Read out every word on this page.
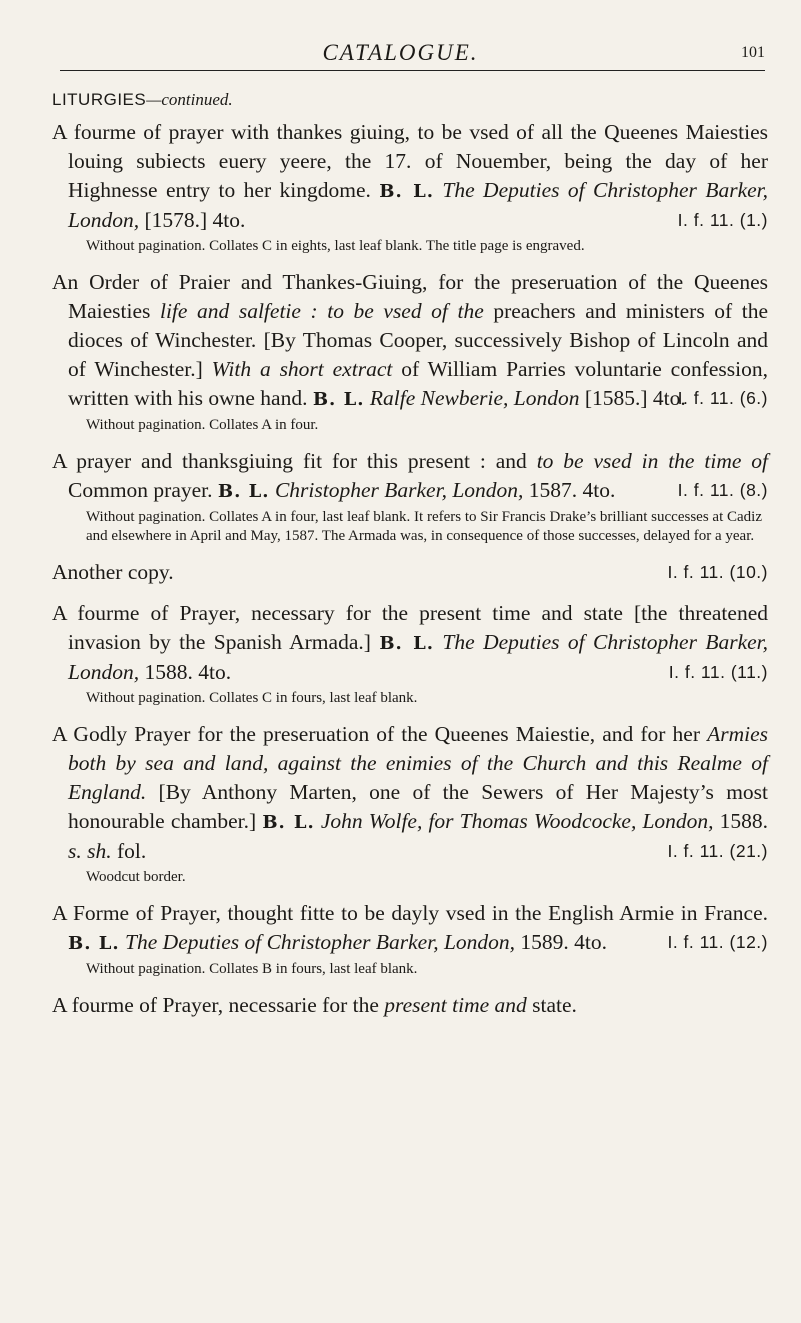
CATALOGUE.	101
LITURGIES—continued.
A fourme of prayer with thankes giuing, to be vsed of all the Queenes Maiesties louing subiects euery yeere, the 17. of Nouember, being the day of her Highnesse entry to her kingdome. B. L. The Deputies of Christopher Barker, London, [1578.] 4to.	I. f. 11. (1.)
Without pagination. Collates C in eights, last leaf blank. The title page is engraved.
An Order of Praier and Thankes-Giuing, for the preseruation of the Queenes Maiesties life and salfetie : to be vsed of the preachers and ministers of the dioces of Winchester. [By Thomas Cooper, successively Bishop of Lincoln and of Winchester.] With a short extract of William Parries voluntarie confession, written with his owne hand. B. L. Ralfe Newberie, London [1585.] 4to.
I. f. 11. (6.)
Without pagination. Collates A in four.
A prayer and thanksgiuing fit for this present : and to be vsed in the time of Common prayer. B. L. Christopher Barker, London, 1587. 4to.	I. f. 11. (8.)
Without pagination. Collates A in four, last leaf blank. It refers to Sir Francis Drake’s brilliant successes at Cadiz and elsewhere in April and May, 1587. The Armada was, in consequence of those successes, delayed for a year.
Another copy.	I. f. 11. (10.)
A fourme of Prayer, necessary for the present time and state [the threatened invasion by the Spanish Armada.] B. L. The Deputies of Christopher Barker, London, 1588. 4to.	I. f. 11. (11.)
Without pagination. Collates C in fours, last leaf blank.
A Godly Prayer for the preseruation of the Queenes Maiestie, and for her Armies both by sea and land, against the enimies of the Church and this Realme of England. [By Anthony Marten, one of the Sewers of Her Majesty’s most honourable chamber.] B. L. John Wolfe, for Thomas Woodcocke, London, 1588. s. sh. fol.	I. f. 11. (21.)
Woodcut border.
A Forme of Prayer, thought fitte to be dayly vsed in the English Armie in France. B. L. The Deputies of Christopher Barker, London, 1589. 4to.	I. f. 11. (12.)
Without pagination. Collates B in fours, last leaf blank.
A fourme of Prayer, necessarie for the present time and state.
